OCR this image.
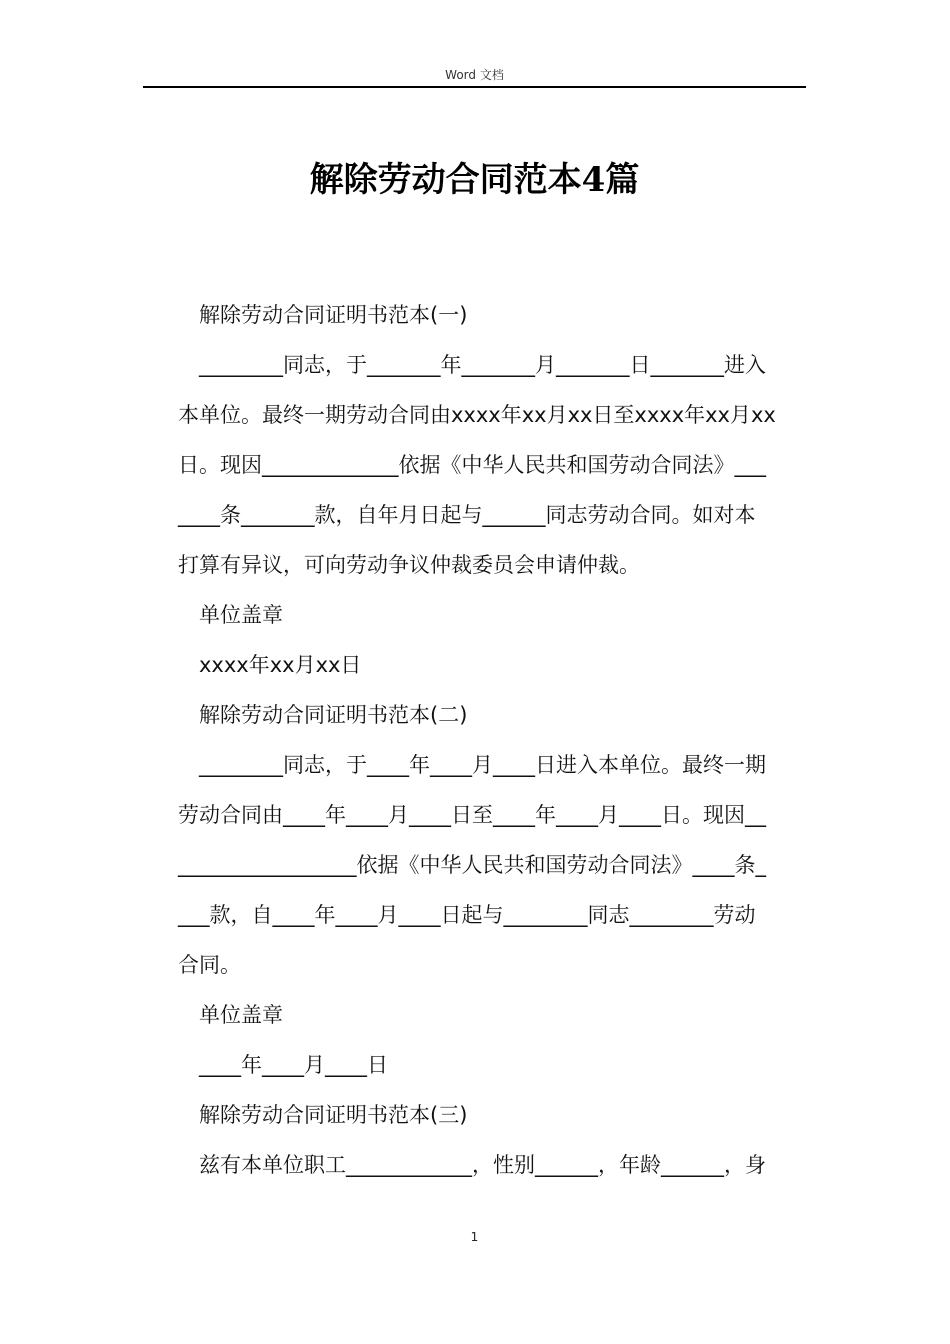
Word 文档
解除劳动合同范本4篇
解除劳动合同证明书范本(一)
________同志，于_______年_______月_______日_______进入
本单位。最终一期劳动合同由xxxx年xx月xx日至xxxx年xx月xx
日。现因_____________依据《中华人民共和国劳动合同法》___
____条_______款，自年月日起与______同志劳动合同。如对本
打算有异议，可向劳动争议仲裁委员会申请仲裁。
单位盖章
xxxx年xx月xx日
解除劳动合同证明书范本(二)
________同志，于____年____月____日进入本单位。最终一期
劳动合同由____年____月____日至____年____月____日。现因__
_________________依据《中华人民共和国劳动合同法》____条_
___款，自____年____月____日起与________同志________劳动
合同。
单位盖章
____年____月____日
解除劳动合同证明书范本(三)
兹有本单位职工____________，性别______，年龄______，身
1
